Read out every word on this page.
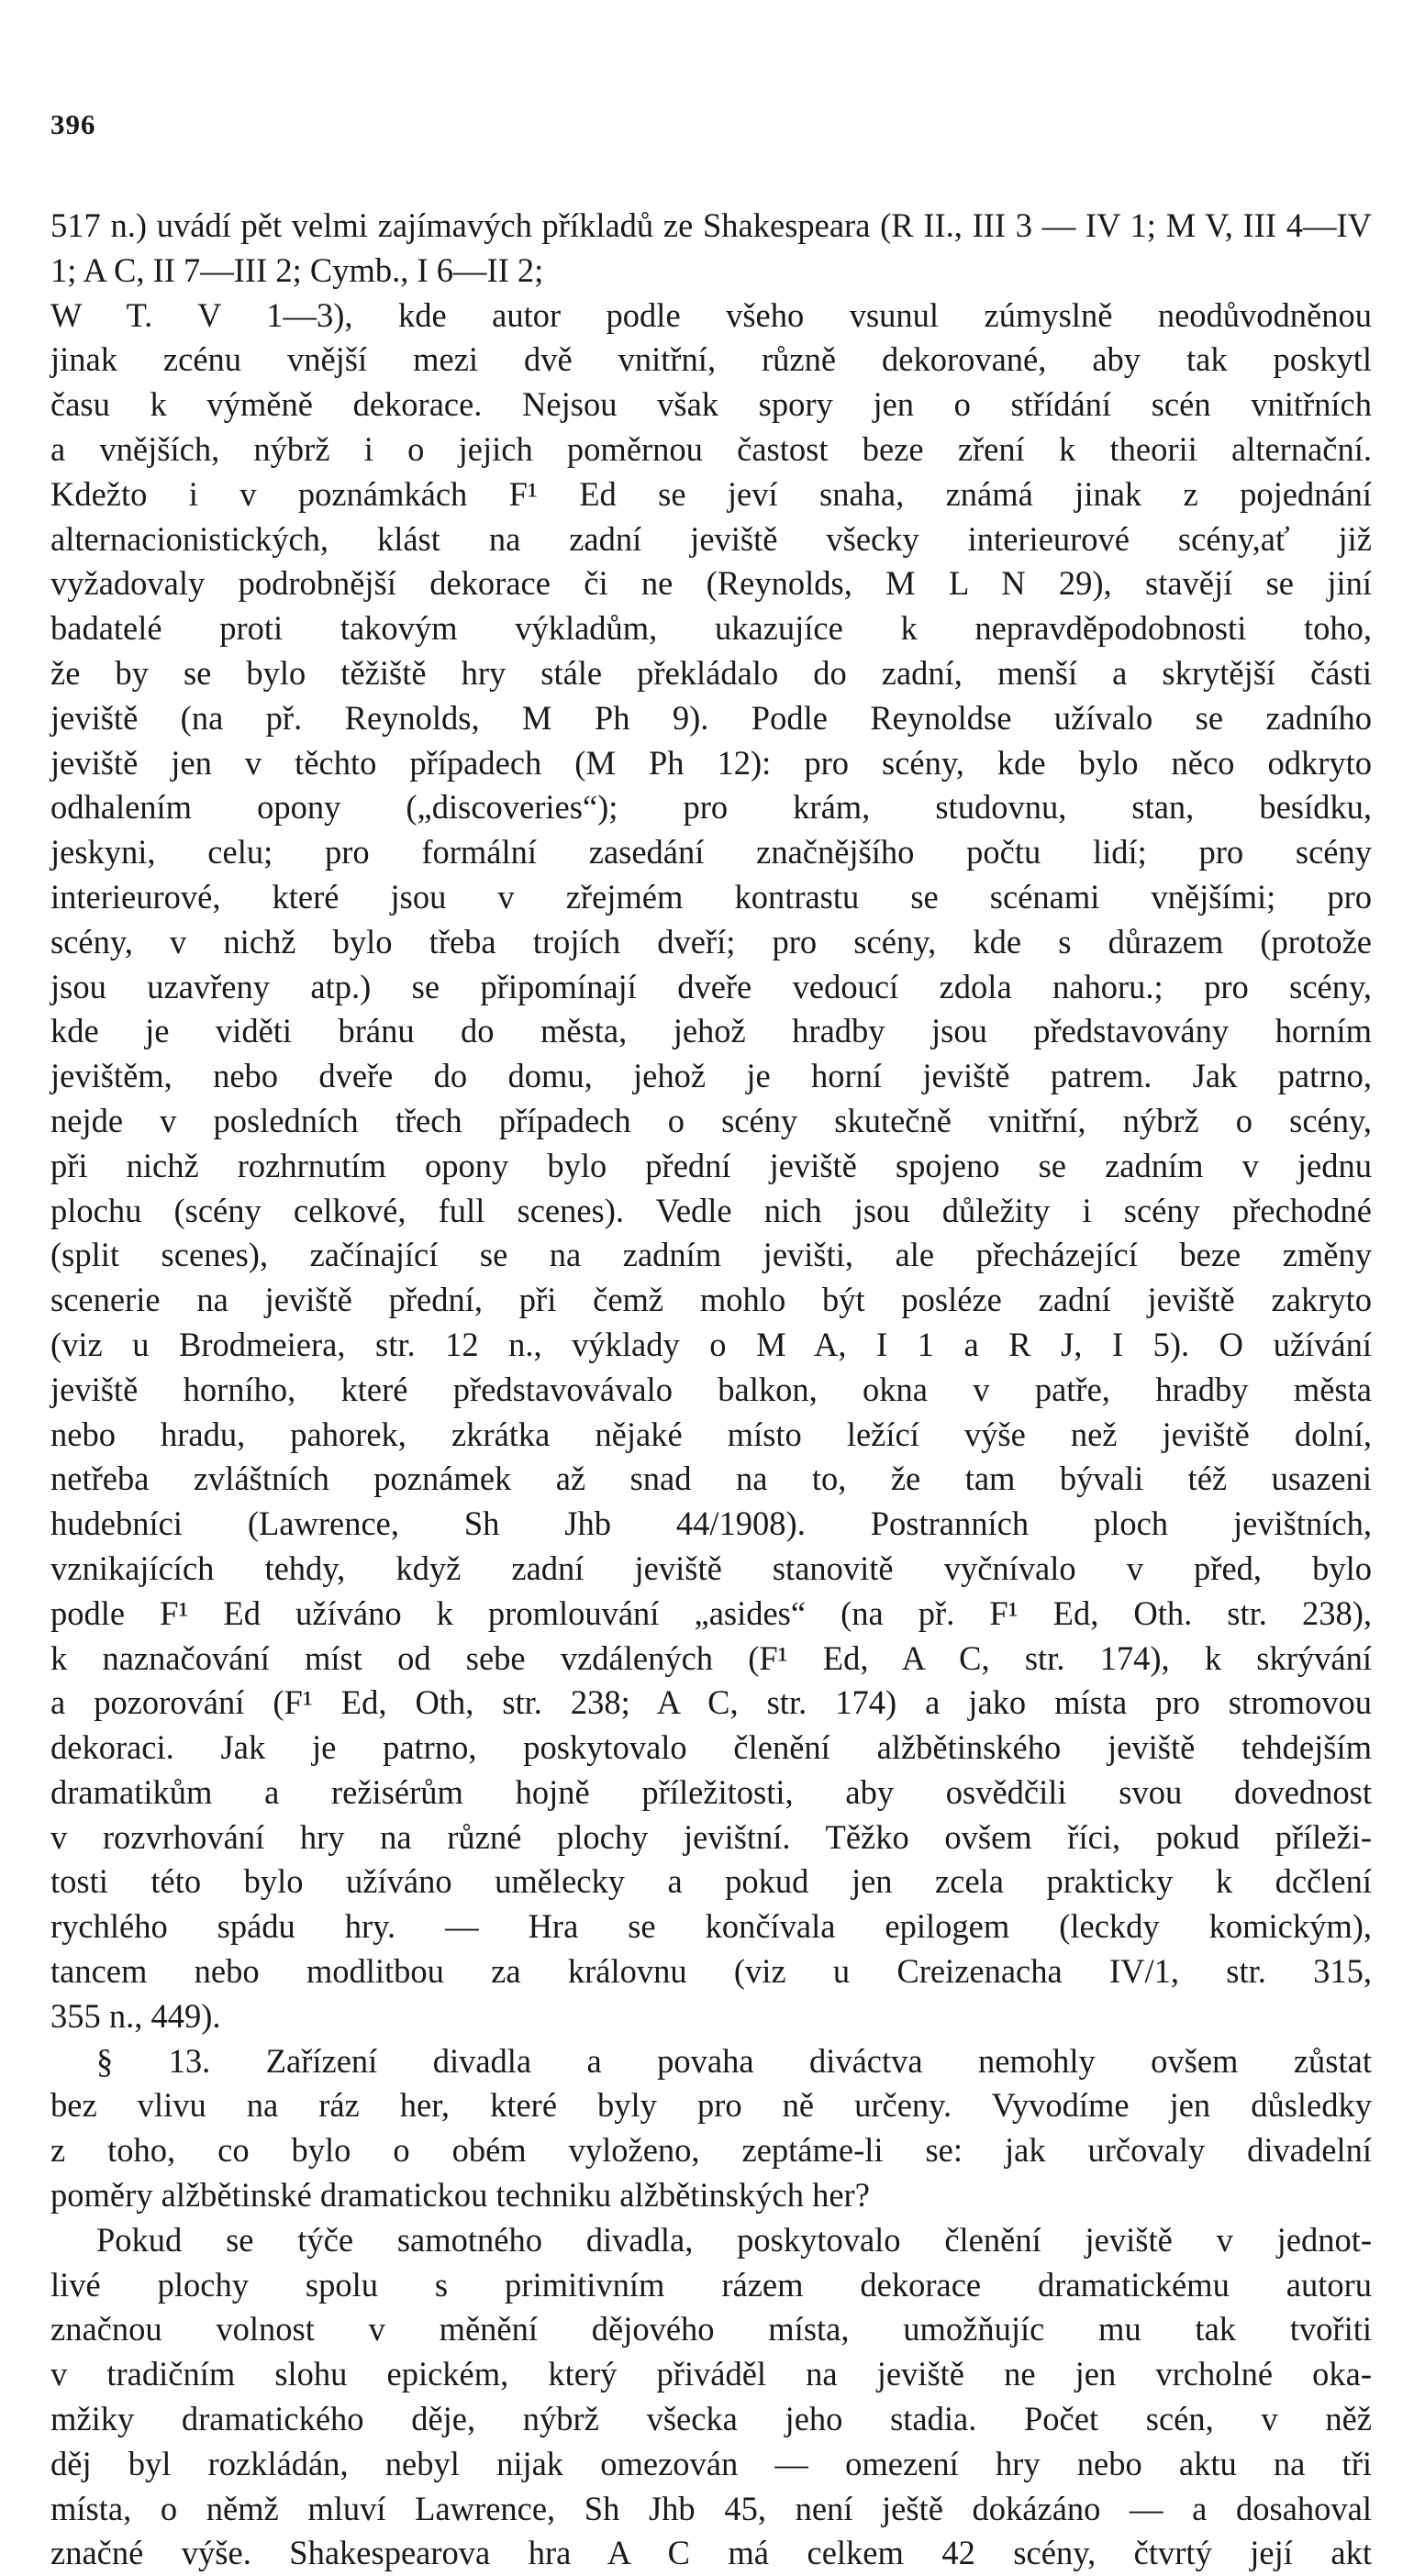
396
517 n.) uvádí pět velmi zajímavých příkladů ze Shakespeara (R II., III 3 — IV 1; M V, III 4—IV 1; A C, II 7—III 2; Cymb., I 6—II 2;
W T. V 1—3), kde autor podle všeho vsunul zúmyslně neodůvodněnou
jinak zcénu vnější mezi dvě vnitřní, různě dekorované, aby tak poskytl
času k výměně dekorace. Nejsou však spory jen o střídání scén vnitřních
a vnějších, nýbrž i o jejich poměrnou častost beze zření k theorii alternační.
Kdežto i v poznámkách F¹ Ed se jeví snaha, známá jinak z pojednání
alternacionistických, klást na zadní jeviště všecky interieurové scény,ať již
vyžadovaly podrobnější dekorace či ne (Reynolds, M L N 29), stavějí se jiní
badatelé proti takovým výkladům, ukazujíce k nepravděpodobnosti toho,
že by se bylo těžiště hry stále překládalo do zadní, menší a skrytější části
jeviště (na př. Reynolds, M Ph 9). Podle Reynoldse užívalo se zadního
jeviště jen v těchto případech (M Ph 12): pro scény, kde bylo něco odkryto
odhalením opony („discoveries“); pro krám, studovnu, stan, besídku,
jeskyni, celu; pro formální zasedání značnějšího počtu lidí; pro scény
interieurové, které jsou v zřejmém kontrastu se scénami vnějšími; pro
scény, v nichž bylo třeba trojích dveří; pro scény, kde s důrazem (protože
jsou uzavřeny atp.) se připomínají dveře vedoucí zdola nahoru.; pro scény,
kde je viděti bránu do města, jehož hradby jsou představovány horním
jevištěm, nebo dveře do domu, jehož je horní jeviště patrem. Jak patrno,
nejde v posledních třech případech o scény skutečně vnitřní, nýbrž o scény,
při nichž rozhrnutím opony bylo přední jeviště spojeno se zadním v jednu
plochu (scény celkové, full scenes). Vedle nich jsou důležity i scény přechodné
(split scenes), začínající se na zadním jevišti, ale přecházející beze změny
scenerie na jeviště přední, při čemž mohlo být posléze zadní jeviště zakryto
(viz u Brodmeiera, str. 12 n., výklady o M A, I 1 a R J, I 5). O užívání
jeviště horního, které představovávalo balkon, okna v patře, hradby města
nebo hradu, pahorek, zkrátka nějaké místo ležící výše než jeviště dolní,
netřeba zvláštních poznámek až snad na to, že tam bývali též usazeni
hudebníci (Lawrence, Sh Jhb 44/1908). Postranních ploch jevištních,
vznikajících tehdy, když zadní jeviště stanovitě vyčnívalo v před, bylo
podle F¹ Ed užíváno k promlouvání „asides“ (na př. F¹ Ed, Oth. str. 238),
k naznačování míst od sebe vzdálených (F¹ Ed, A C, str. 174), k skrývání
a pozorování (F¹ Ed, Oth, str. 238; A C, str. 174) a jako místa pro stromovou
dekoraci. Jak je patrno, poskytovalo členění alžbětinského jeviště tehdejším
dramatikům a režisérům hojně příležitosti, aby osvědčili svou dovednost
v rozvrhování hry na různé plochy jevištní. Těžko ovšem říci, pokud příleži-
tosti této bylo užíváno umělecky a pokud jen zcela prakticky k dcčlení
rychlého spádu hry. — Hra se končívala epilogem (leckdy komickým),
tancem nebo modlitbou za královnu (viz u Creizenacha IV/1, str. 315,
355 n., 449).
§ 13. Zařízení divadla a povaha diváctva nemohly ovšem zůstat
bez vlivu na ráz her, které byly pro ně určeny. Vyvodíme jen důsledky
z toho, co bylo o obém vyloženo, zeptáme-li se: jak určovaly divadelní
poměry alžbětinské dramatickou techniku alžbětinských her?
Pokud se týče samotného divadla, poskytovalo členění jeviště v jednot-
livé plochy spolu s primitivním rázem dekorace dramatickému autoru
značnou volnost v měnění dějového místa, umožňujíc mu tak tvořiti
v tradičním slohu epickém, který přiváděl na jeviště ne jen vrcholné oka-
mžiky dramatického děje, nýbrž všecka jeho stadia. Počet scén, v něž
děj byl rozkládán, nebyl nijak omezován — omezení hry nebo aktu na tři
místa, o němž mluví Lawrence, Sh Jhb 45, není ještě dokázáno — a dosahoval
značné výše. Shakespearova hra A C má celkem 42 scény, čtvrtý její akt
